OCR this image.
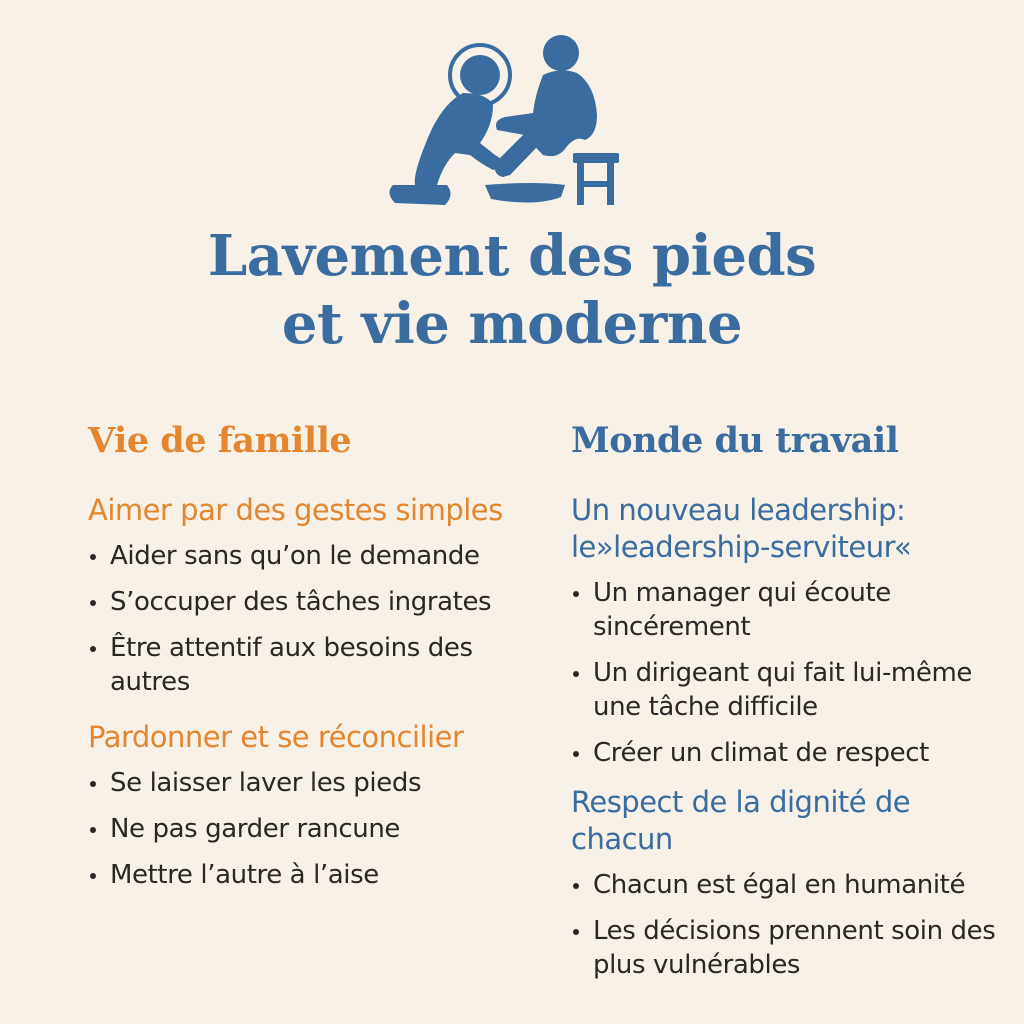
Lavement des pieds
et vie moderne
Vie de famille
Aimer par des gestes simples
Aider sans qu’on le demande
S’occuper des tâches ingrates
Être attentif aux besoins des autres
Pardonner et se réconcilier
Se laisser laver les pieds
Ne pas garder rancune
Mettre l’autre à l’aise
Monde du travail
Un nouveau leadership: le»leadership-serviteur«
Un manager qui écoute sincérement
Un dirigeant qui fait lui-même une tâche difficile
Créer un climat de respect
Respect de la dignité de chacun
Chacun est égal en humanité
Les décisions prennent soin des plus vulnérables
